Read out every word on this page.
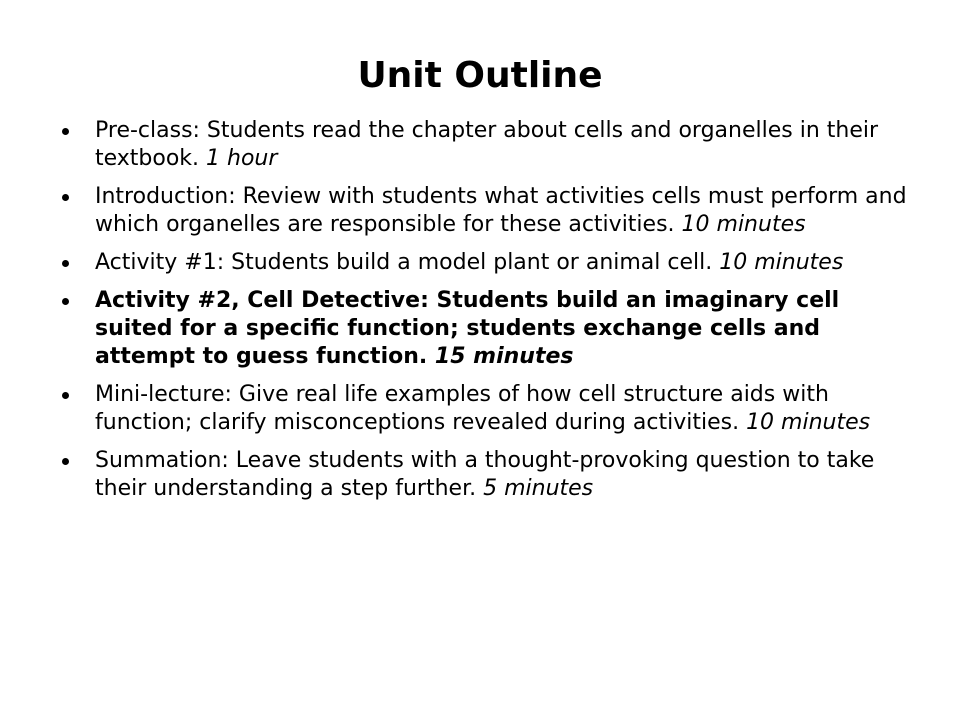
Unit Outline
Pre-class: Students read the chapter about cells and organelles in their textbook. 1 hour
Introduction: Review with students what activities cells must perform and which organelles are responsible for these activities. 10 minutes
Activity #1: Students build a model plant or animal cell. 10 minutes
Activity #2, Cell Detective: Students build an imaginary cell suited for a specific function; students exchange cells and attempt to guess function. 15 minutes
Mini-lecture: Give real life examples of how cell structure aids with function; clarify misconceptions revealed during activities. 10 minutes
Summation: Leave students with a thought-provoking question to take their understanding a step further. 5 minutes
